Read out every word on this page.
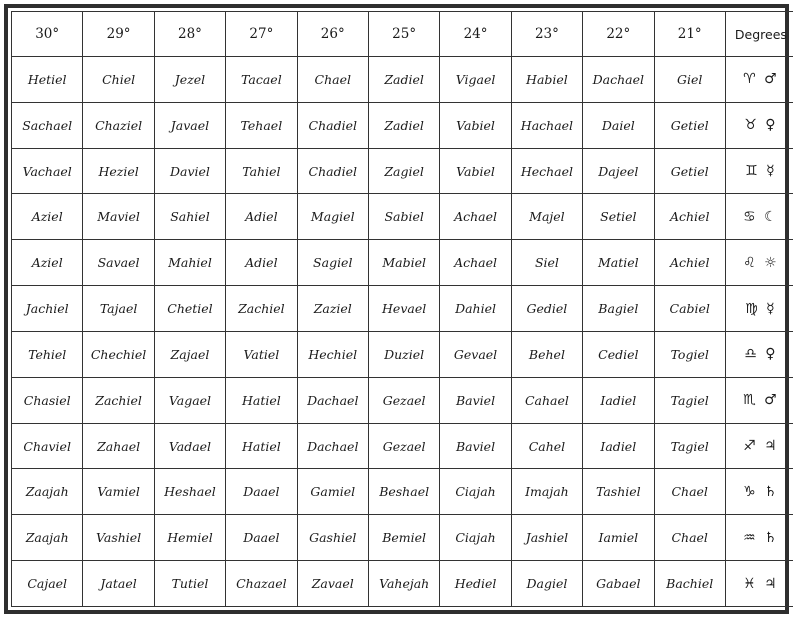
30°	29°	28°	27°	26°	25°	24°	23°	22°	21°	Degrees
Hetiel	Chiel	Jezel	Tacael	Chael	Zadiel	Vigael	Habiel	Dachael	Giel	♈ ♂
Sachael	Chaziel	Javael	Tehael	Chadiel	Zadiel	Vabiel	Hachael	Daiel	Getiel	♉ ♀
Vachael	Heziel	Daviel	Tahiel	Chadiel	Zagiel	Vabiel	Hechael	Dajeel	Getiel	♊ ☿
Aziel	Maviel	Sahiel	Adiel	Magiel	Sabiel	Achael	Majel	Setiel	Achiel	♋ ☾
Aziel	Savael	Mahiel	Adiel	Sagiel	Mabiel	Achael	Siel	Matiel	Achiel	♌ ☼
Jachiel	Tajael	Chetiel	Zachiel	Zaziel	Hevael	Dahiel	Gediel	Bagiel	Cabiel	♍ ☿
Tehiel	Chechiel	Zajael	Vatiel	Hechiel	Duziel	Gevael	Behel	Cediel	Togiel	♎ ♀
Chasiel	Zachiel	Vagael	Hatiel	Dachael	Gezael	Baviel	Cahael	Iadiel	Tagiel	♏ ♂
Chaviel	Zahael	Vadael	Hatiel	Dachael	Gezael	Baviel	Cahel	Iadiel	Tagiel	♐ ♃
Zaajah	Vamiel	Heshael	Daael	Gamiel	Beshael	Ciajah	Imajah	Tashiel	Chael	♑ ♄
Zaajah	Vashiel	Hemiel	Daael	Gashiel	Bemiel	Ciajah	Jashiel	Iamiel	Chael	♒ ♄
Cajael	Jatael	Tutiel	Chazael	Zavael	Vahejah	Hediel	Dagiel	Gabael	Bachiel	♓ ♃
